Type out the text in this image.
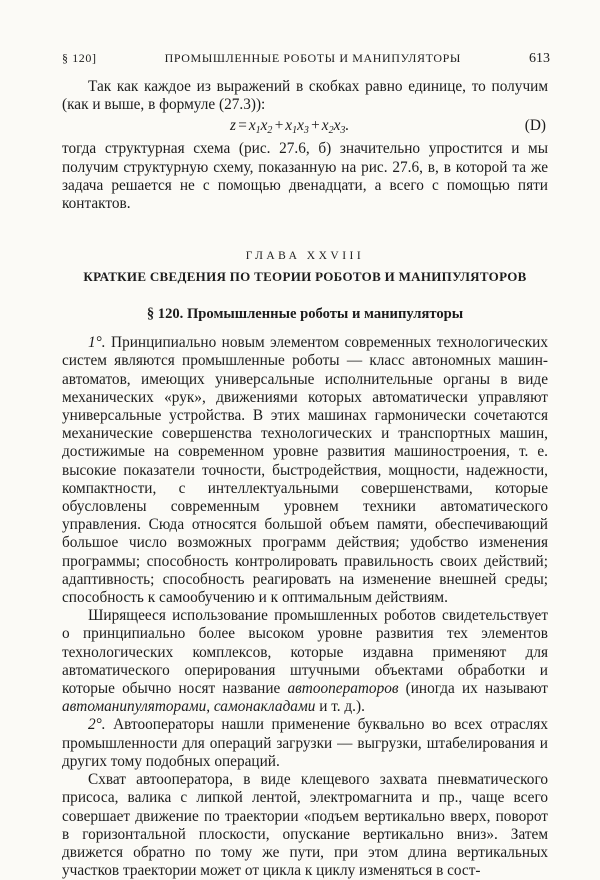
§ 120]	ПРОМЫШЛЕННЫЕ РОБОТЫ И МАНИПУЛЯТОРЫ	613

Так как каждое из выражений в скобках равно единице, то получим (как и выше, в формуле (27.3)):

z = $x_1x_2$ + $x_1x_3$ + $x_2x_3$.	(D)

тогда структурная схема (рис. 27.6, б) значительно упростится и мы получим структурную схему, показанную на рис. 27.6, в, в которой та же задача решается не с помощью двенадцати, а всего с помощью пяти контактов.

ГЛАВА XXVIII
КРАТКИЕ СВЕДЕНИЯ ПО ТЕОРИИ РОБОТОВ И МАНИПУЛЯТОРОВ
§ 120. Промышленные роботы и манипуляторы

1°. Принципиально новым элементом современных технологических систем являются промышленные роботы — класс автономных машин-автоматов, имеющих универсальные исполнительные органы в виде механических «рук», движениями которых автоматически управляют универсальные устройства. В этих машинах гармонически сочетаются механические совершенства технологических и транспортных машин, достижимые на современном уровне развития машиностроения, т. е. высокие показатели точности, быстродействия, мощности, надежности, компактности, с интеллектуальными совершенствами, которые обусловлены современным уровнем техники автоматического управления. Сюда относятся большой объем памяти, обеспечивающий большое число возможных программ действия; удобство изменения программы; способность контролировать правильность своих действий; адаптивность; способность реагировать на изменение внешней среды; способность к самообучению и к оптимальным действиям.

Ширящееся использование промышленных роботов свидетельствует о принципиально более высоком уровне развития тех элементов технологических комплексов, которые издавна применяют для автоматического оперирования штучными объектами обработки и которые обычно носят название автооператоров (иногда их называют автоманипуляторами, самонакладами и т. д.).

2°. Автооператоры нашли применение буквально во всех отраслях промышленности для операций загрузки — выгрузки, штабелирования и других тому подобных операций.

Схват автооператора, в виде клещевого захвата пневматического присоса, валика с липкой лентой, электромагнита и пр., чаще всего совершает движение по траектории «подъем вертикально вверх, поворот в горизонтальной плоскости, опускание вертикально вниз». Затем движется обратно по тому же пути, при этом длина вертикальных участков траектории может от цикла к циклу изменяться в сост-
